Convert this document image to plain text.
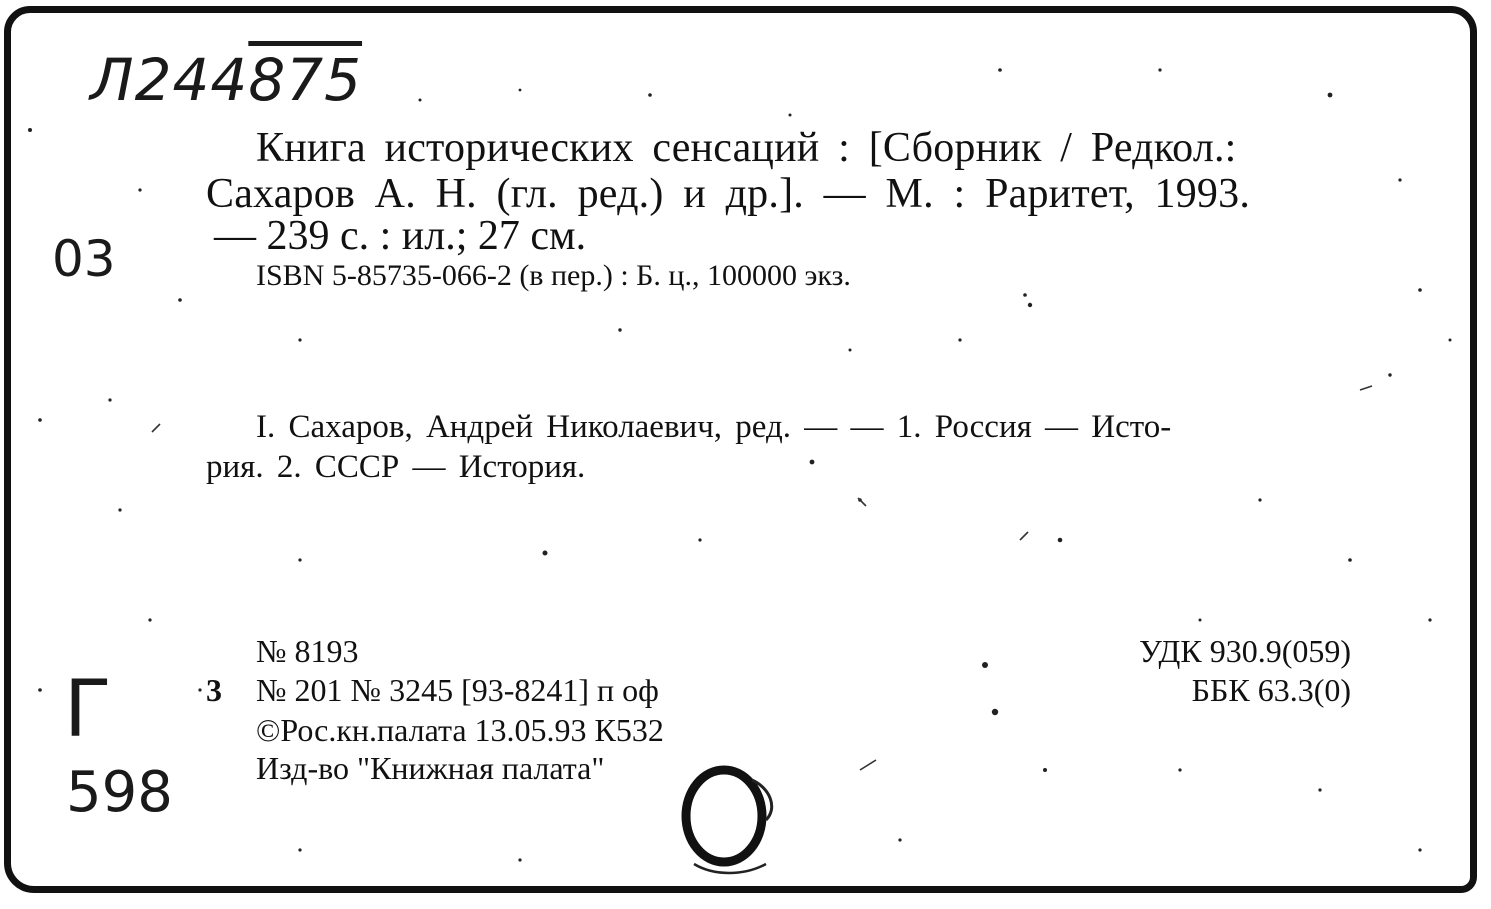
Л244875
03
Г
598
Книга исторических сенсаций : [Сборник / Редкол.:
Сахаров А. Н. (гл. ред.) и др.]. — М. : Раритет, 1993.
— 239 с. : ил.; 27 см.
ISBN 5-85735-066-2 (в пер.) : Б. ц., 100000 экз.
I. Сахаров, Андрей Николаевич, ред. — — 1. Россия — Исто-
рия. 2. СССР — История.
№ 8193
3 № 201 № 3245 [93-8241] п оф
©Рос.кн.палата 13.05.93 К532
Изд-во "Книжная палата"
УДК 930.9(059)
ББК 63.3(0)
